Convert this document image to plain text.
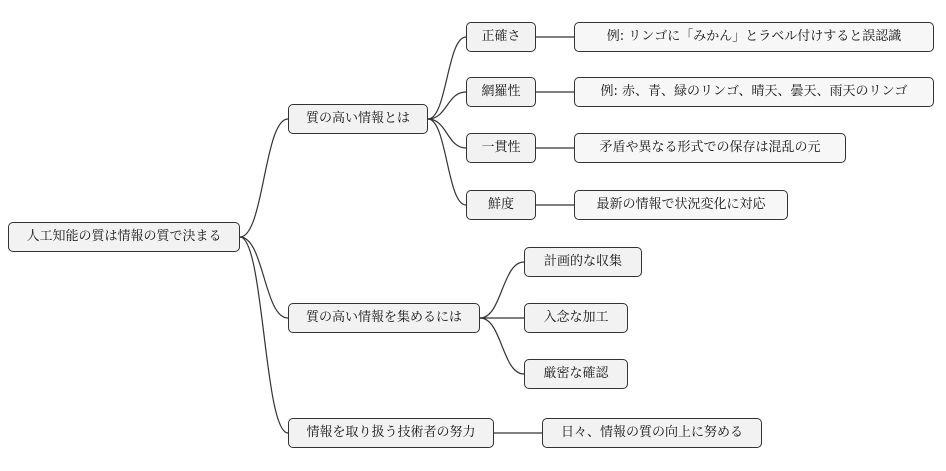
人工知能の質は情報の質で決まる
質の高い情報とは
質の高い情報を集めるには
情報を取り扱う技術者の努力
正確さ
網羅性
一貫性
鮮度
例: リンゴに「みかん」とラベル付けすると誤認識
例: 赤、青、緑のリンゴ、晴天、曇天、雨天のリンゴ
矛盾や異なる形式での保存は混乱の元
最新の情報で状況変化に対応
計画的な収集
入念な加工
厳密な確認
日々、情報の質の向上に努める
